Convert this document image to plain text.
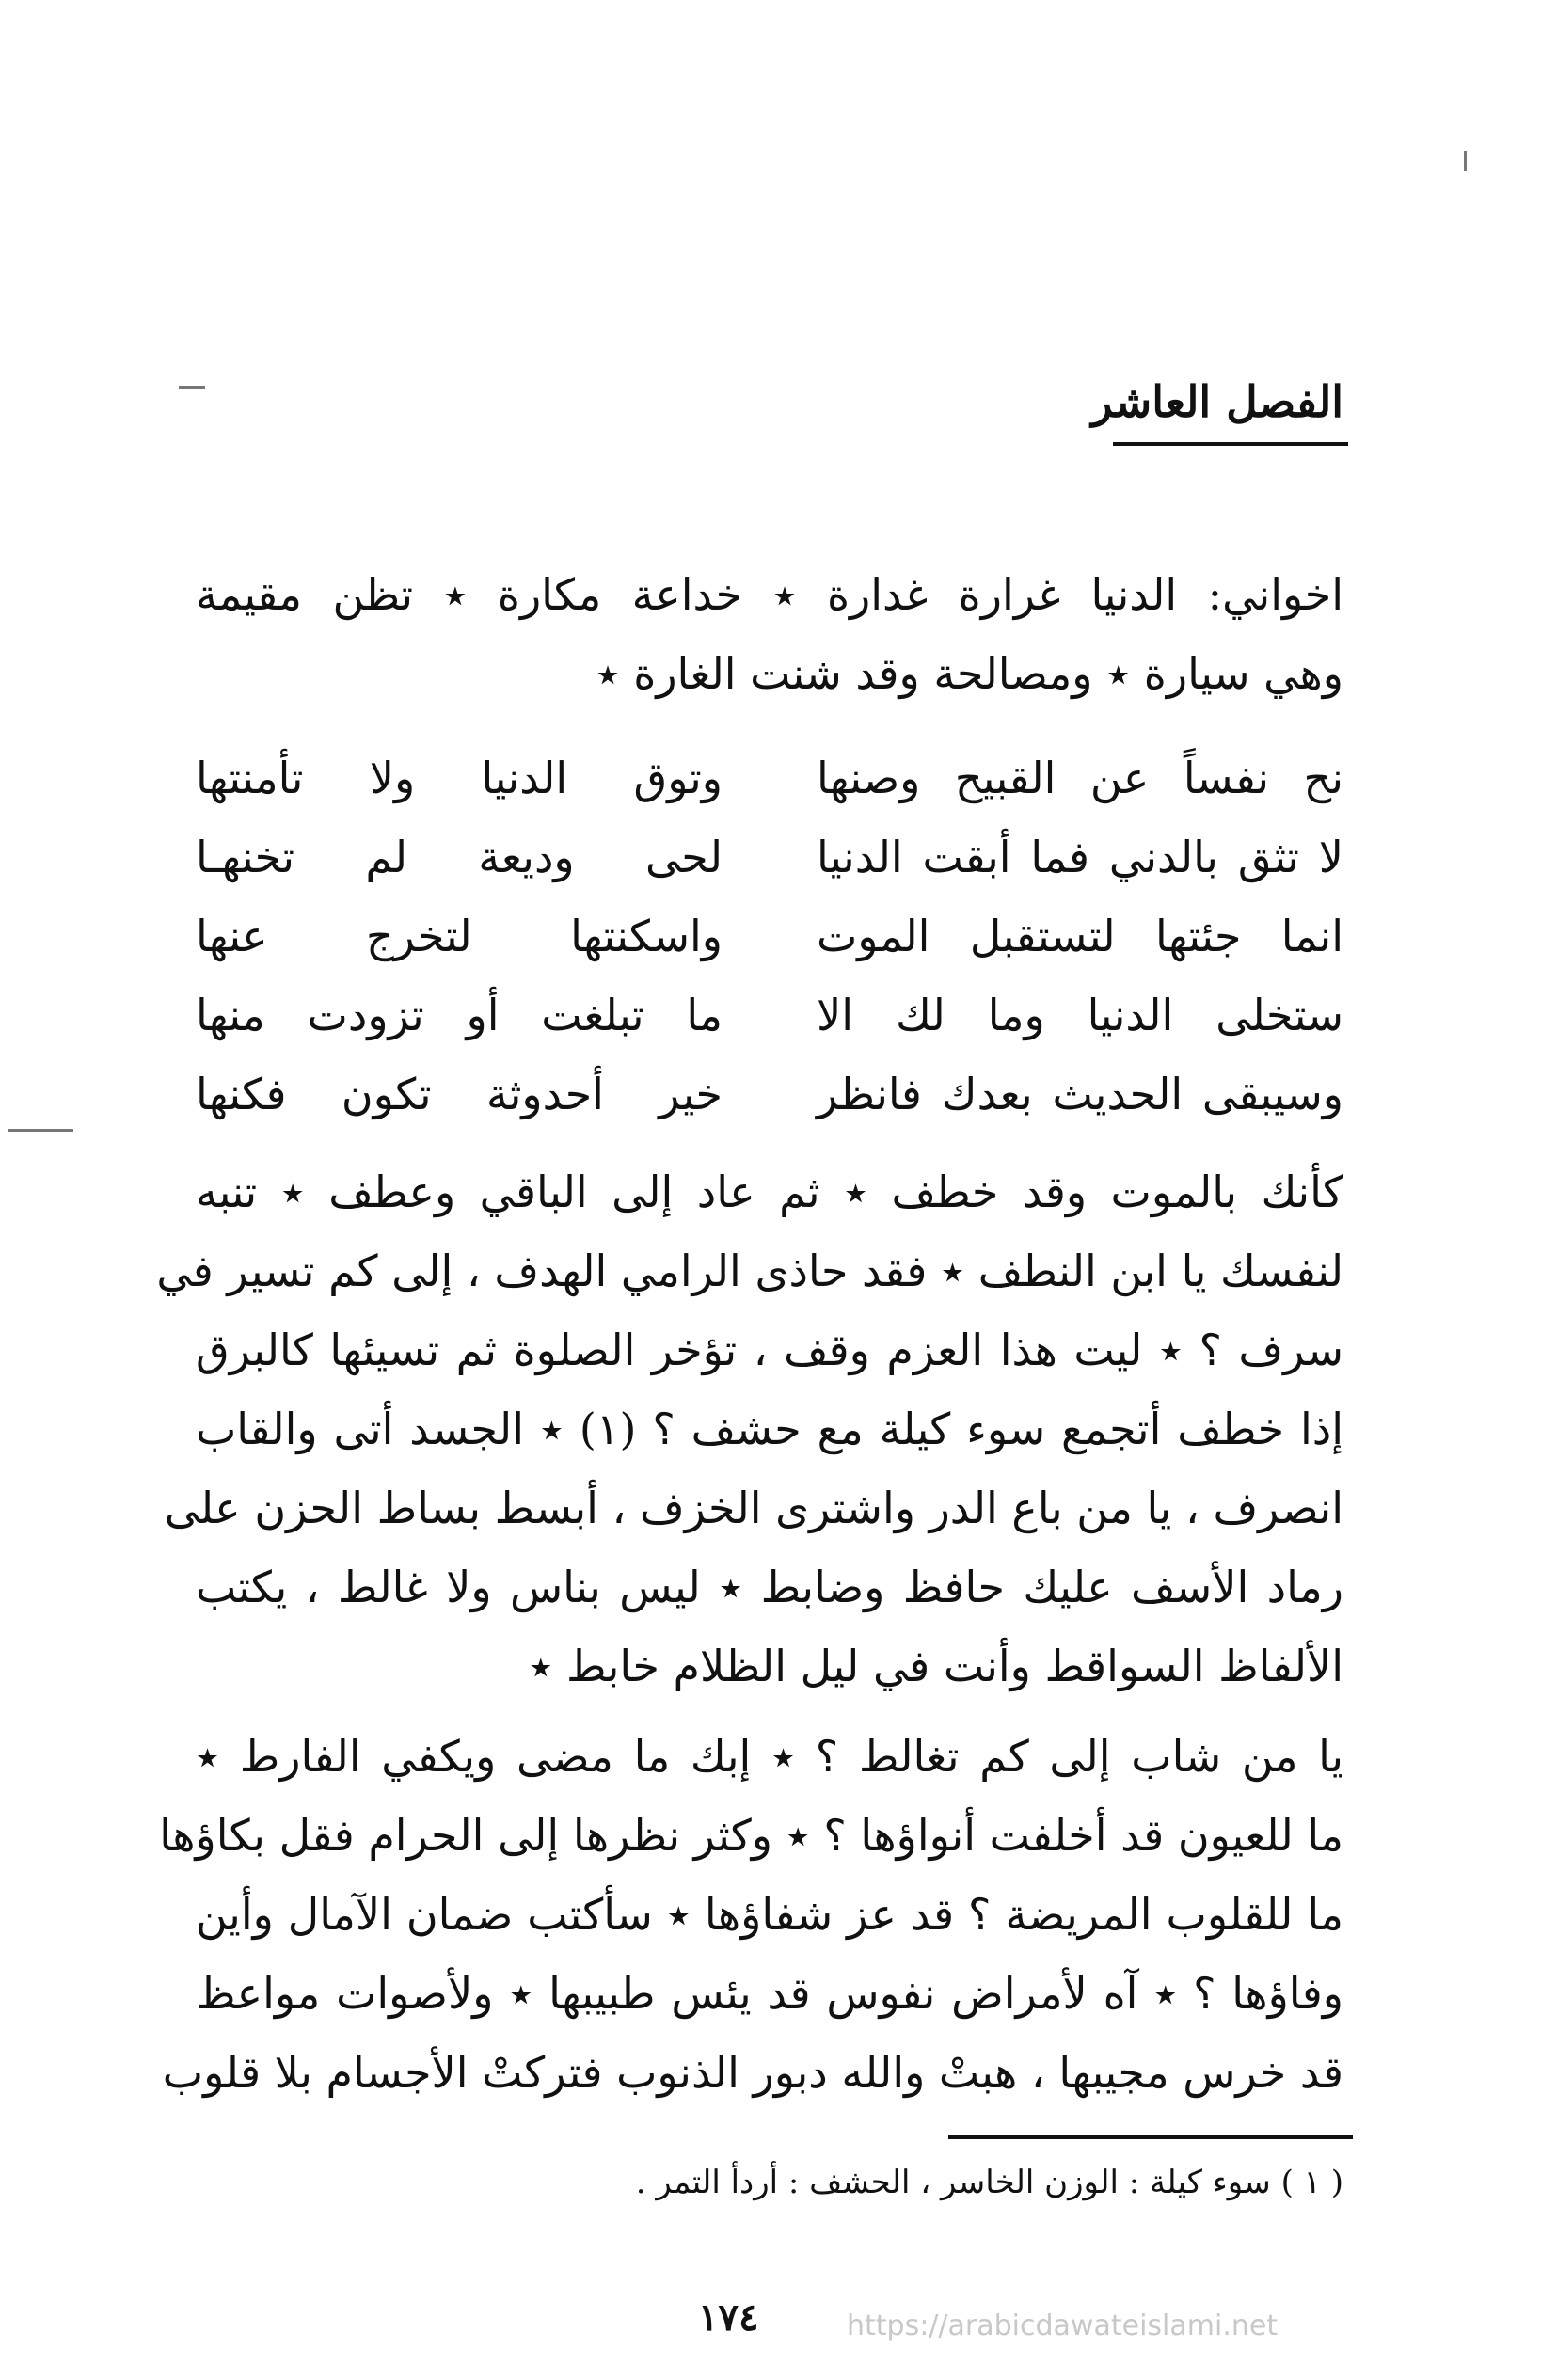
الفصل العاشر
اخواني: الدنيا غرارة غدارة ٭ خداعة مكارة ٭ تظن مقيمة
وهي سيارة ٭ ومصالحة وقد شنت الغارة ٭
نح نفساً عن القبيح وصنها
وتوق الدنيا ولا تأمنتها
لا تثق بالدني فما أبقت الدنيا
لحى وديعة لم تخنهـا
انما جئتها لتستقبل الموت
واسكنتها لتخرج عنها
ستخلى الدنيا وما لك الا
ما تبلغت أو تزودت منها
وسيبقى الحديث بعدك فانظر
خير أحدوثة تكون فكنها
كأنك بالموت وقد خطف ٭ ثم عاد إلى الباقي وعطف ٭ تنبه
لنفسك يا ابن النطف ٭ فقد حاذى الرامي الهدف ، إلى كم تسير في
سرف ؟ ٭ ليت هذا العزم وقف ، تؤخر الصلوة ثم تسيئها كالبرق
إذا خطف أتجمع سوء كيلة مع حشف ؟ (١) ٭ الجسد أتى والقاب
انصرف ، يا من باع الدر واشترى الخزف ، أبسط بساط الحزن على
رماد الأسف عليك حافظ وضابط ٭ ليس بناس ولا غالط ، يكتب
الألفاظ السواقط وأنت في ليل الظلام خابط ٭
يا من شاب إلى كم تغالط ؟ ٭ إبك ما مضى ويكفي الفارط ٭
ما للعيون قد أخلفت أنواؤها ؟ ٭ وكثر نظرها إلى الحرام فقل بكاؤها
ما للقلوب المريضة ؟ قد عز شفاؤها ٭ سأكتب ضمان الآمال وأين
وفاؤها ؟ ٭ آه لأمراض نفوس قد يئس طبيبها ٭ ولأصوات مواعظ
قد خرس مجيبها ، هبتْ والله دبور الذنوب فتركتْ الأجسام بلا قلوب
( ١ ) سوء كيلة : الوزن الخاسر ، الحشف : أردأ التمر .
١٧٤	https://arabicdawateislami.net
